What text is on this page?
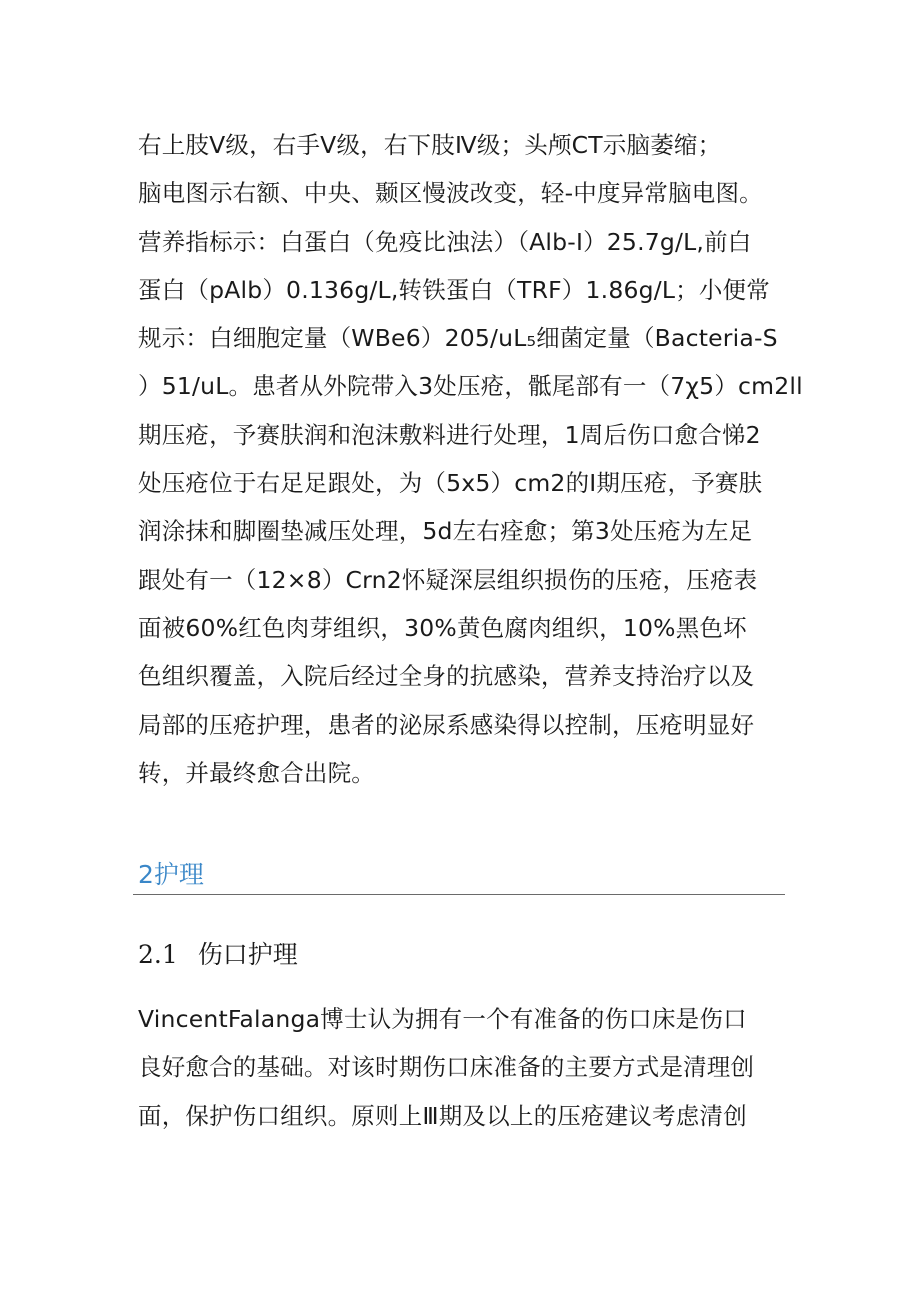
右上肢Ⅴ级，右手Ⅴ级，右下肢Ⅳ级；头颅CT示脑萎缩；
脑电图示右额、中央、颞区慢波改变，轻-中度异常脑电图。
营养指标示：白蛋白（免疫比浊法）（Alb-I）25.7g∕L,前白
蛋白（pAlb）0.136g∕L,转铁蛋白（TRF）1.86g/L；小便常
规示：白细胞定量（WBe6）205/uL₅细菌定量（Bacteria-S
）51/uL。患者从外院带入3处压疮，骶尾部有一（7χ5）cm2ll
期压疮，予赛肤润和泡沫敷料进行处理，1周后伤口愈合悌2
处压疮位于右足足跟处，为（5x5）cm2的Ⅰ期压疮，予赛肤
润涂抹和脚圈垫减压处理，5d左右痊愈；第3处压疮为左足
跟处有一（12×8）Crn2怀疑深层组织损伤的压疮，压疮表
面被60%红色肉芽组织，30%黄色腐肉组织，10%黑色坏
色组织覆盖，入院后经过全身的抗感染，营养支持治疗以及
局部的压疮护理，患者的泌尿系感染得以控制，压疮明显好
转，并最终愈合出院。
2护理
2.1 伤口护理
VincentFalanga博士认为拥有一个有准备的伤口床是伤口
良好愈合的基础。对该时期伤口床准备的主要方式是清理创
面，保护伤口组织。原则上Ⅲ期及以上的压疮建议考虑清创
